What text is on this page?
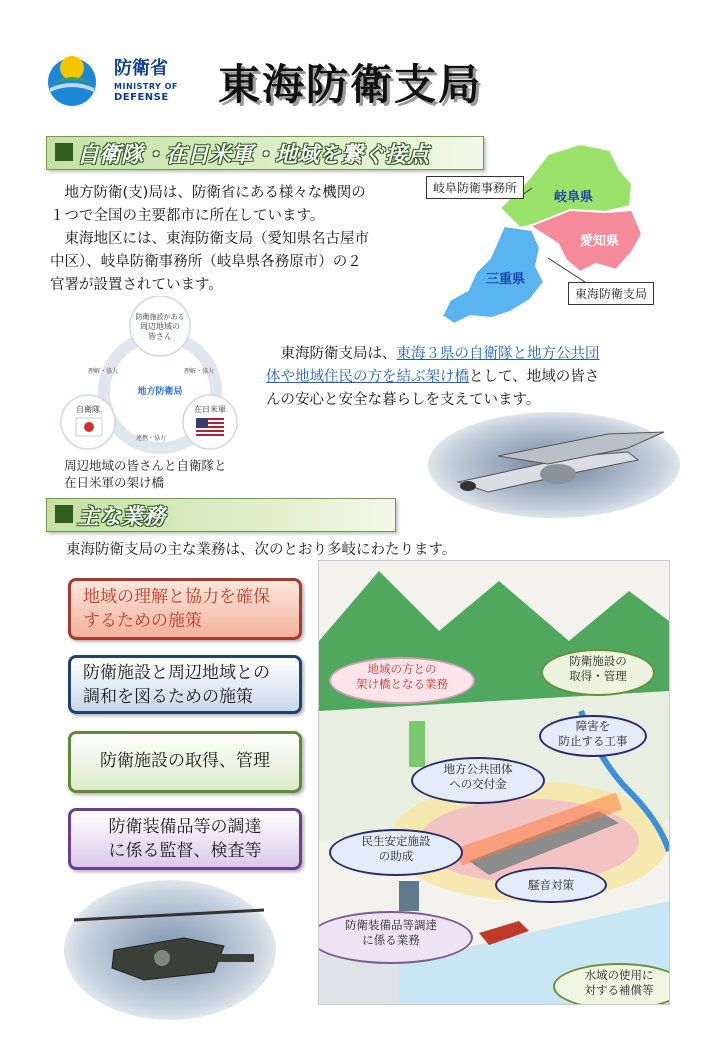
防衛省
MINISTRY OF
DEFENSE 東海防衛支局
自衛隊・在日米軍・地域を繋ぐ接点
　地方防衛(支)局は、防衛省にある様々な機関の
１つで全国の主要都市に所在しています。
　東海地区には、東海防衛支局（愛知県名古屋市
中区）、岐阜防衛事務所（岐阜県各務原市）の２
官署が設置されています。
岐阜防衛事務所
東海防衛支局
岐阜県
愛知県
三重県
防衛施設がある
周辺地域の
皆さん
地方防衛局
自衛隊	在日米軍
理解・協力	理解・協力
連携・協力
周辺地域の皆さんと自衛隊と
在日米軍の架け橋
　東海防衛支局は、東海３県の自衛隊と地方公共団
体や地域住民の方を結ぶ架け橋として、地域の皆さ
んの安心と安全な暮らしを支えています。
主な業務
東海防衛支局の主な業務は、次のとおり多岐にわたります。
地域の理解と協力を確保
するための施策
防衛施設と周辺地域との
調和を図るための施策
防衛施設の取得、管理
防衛装備品等の調達
に係る監督、検査等
地域の方との
架け橋となる業務
防衛施設の
取得・管理
障害を
防止する工事
地方公共団体
への交付金
民生安定施設
の助成
騒音対策
防衛装備品等調達
に係る業務
水域の使用に
対する補償等
